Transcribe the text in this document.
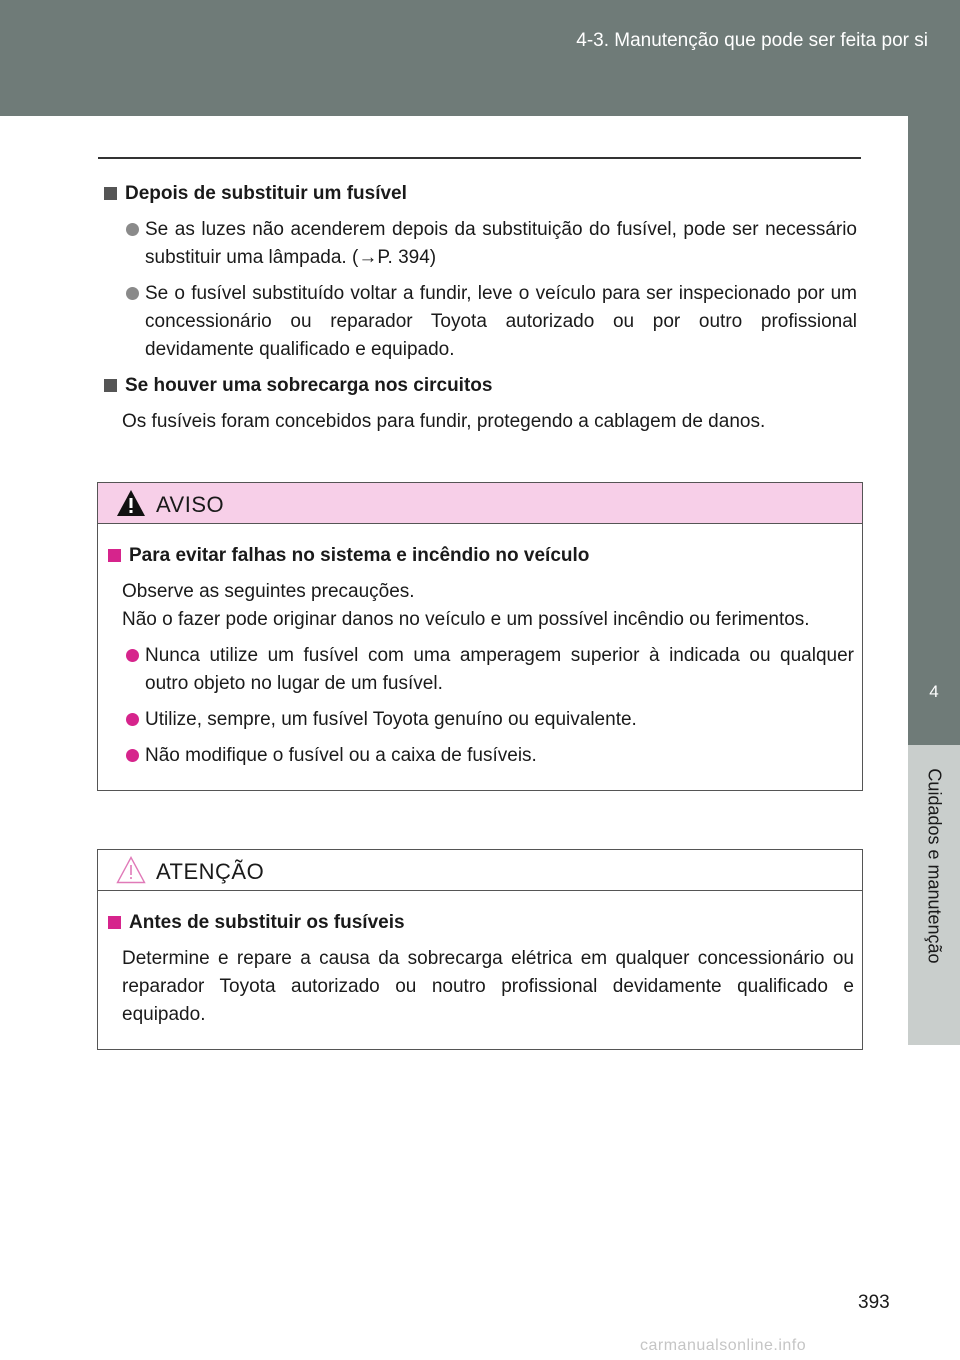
4-3. Manutenção que pode ser feita por si
4
Cuidados e manutenção
Depois de substituir um fusível
Se as luzes não acenderem depois da substituição do fusível, pode ser necessário substituir uma lâmpada. (→P. 394)
Se o fusível substituído voltar a fundir, leve o veículo para ser inspecionado por um concessionário ou reparador Toyota autorizado ou por outro profissional devidamente qualificado e equipado.
Se houver uma sobrecarga nos circuitos
Os fusíveis foram concebidos para fundir, protegendo a cablagem de danos.
AVISO
Para evitar falhas no sistema e incêndio no veículo
Observe as seguintes precauções.
Não o fazer pode originar danos no veículo e um possível incêndio ou ferimentos.
Nunca utilize um fusível com uma amperagem superior à indicada ou qualquer outro objeto no lugar de um fusível.
Utilize, sempre, um fusível Toyota genuíno ou equivalente.
Não modifique o fusível ou a caixa de fusíveis.
ATENÇÃO
Antes de substituir os fusíveis
Determine e repare a causa da sobrecarga elétrica em qualquer concessionário ou reparador Toyota autorizado ou noutro profissional devidamente qualificado e equipado.
393
carmanualsonline.info
